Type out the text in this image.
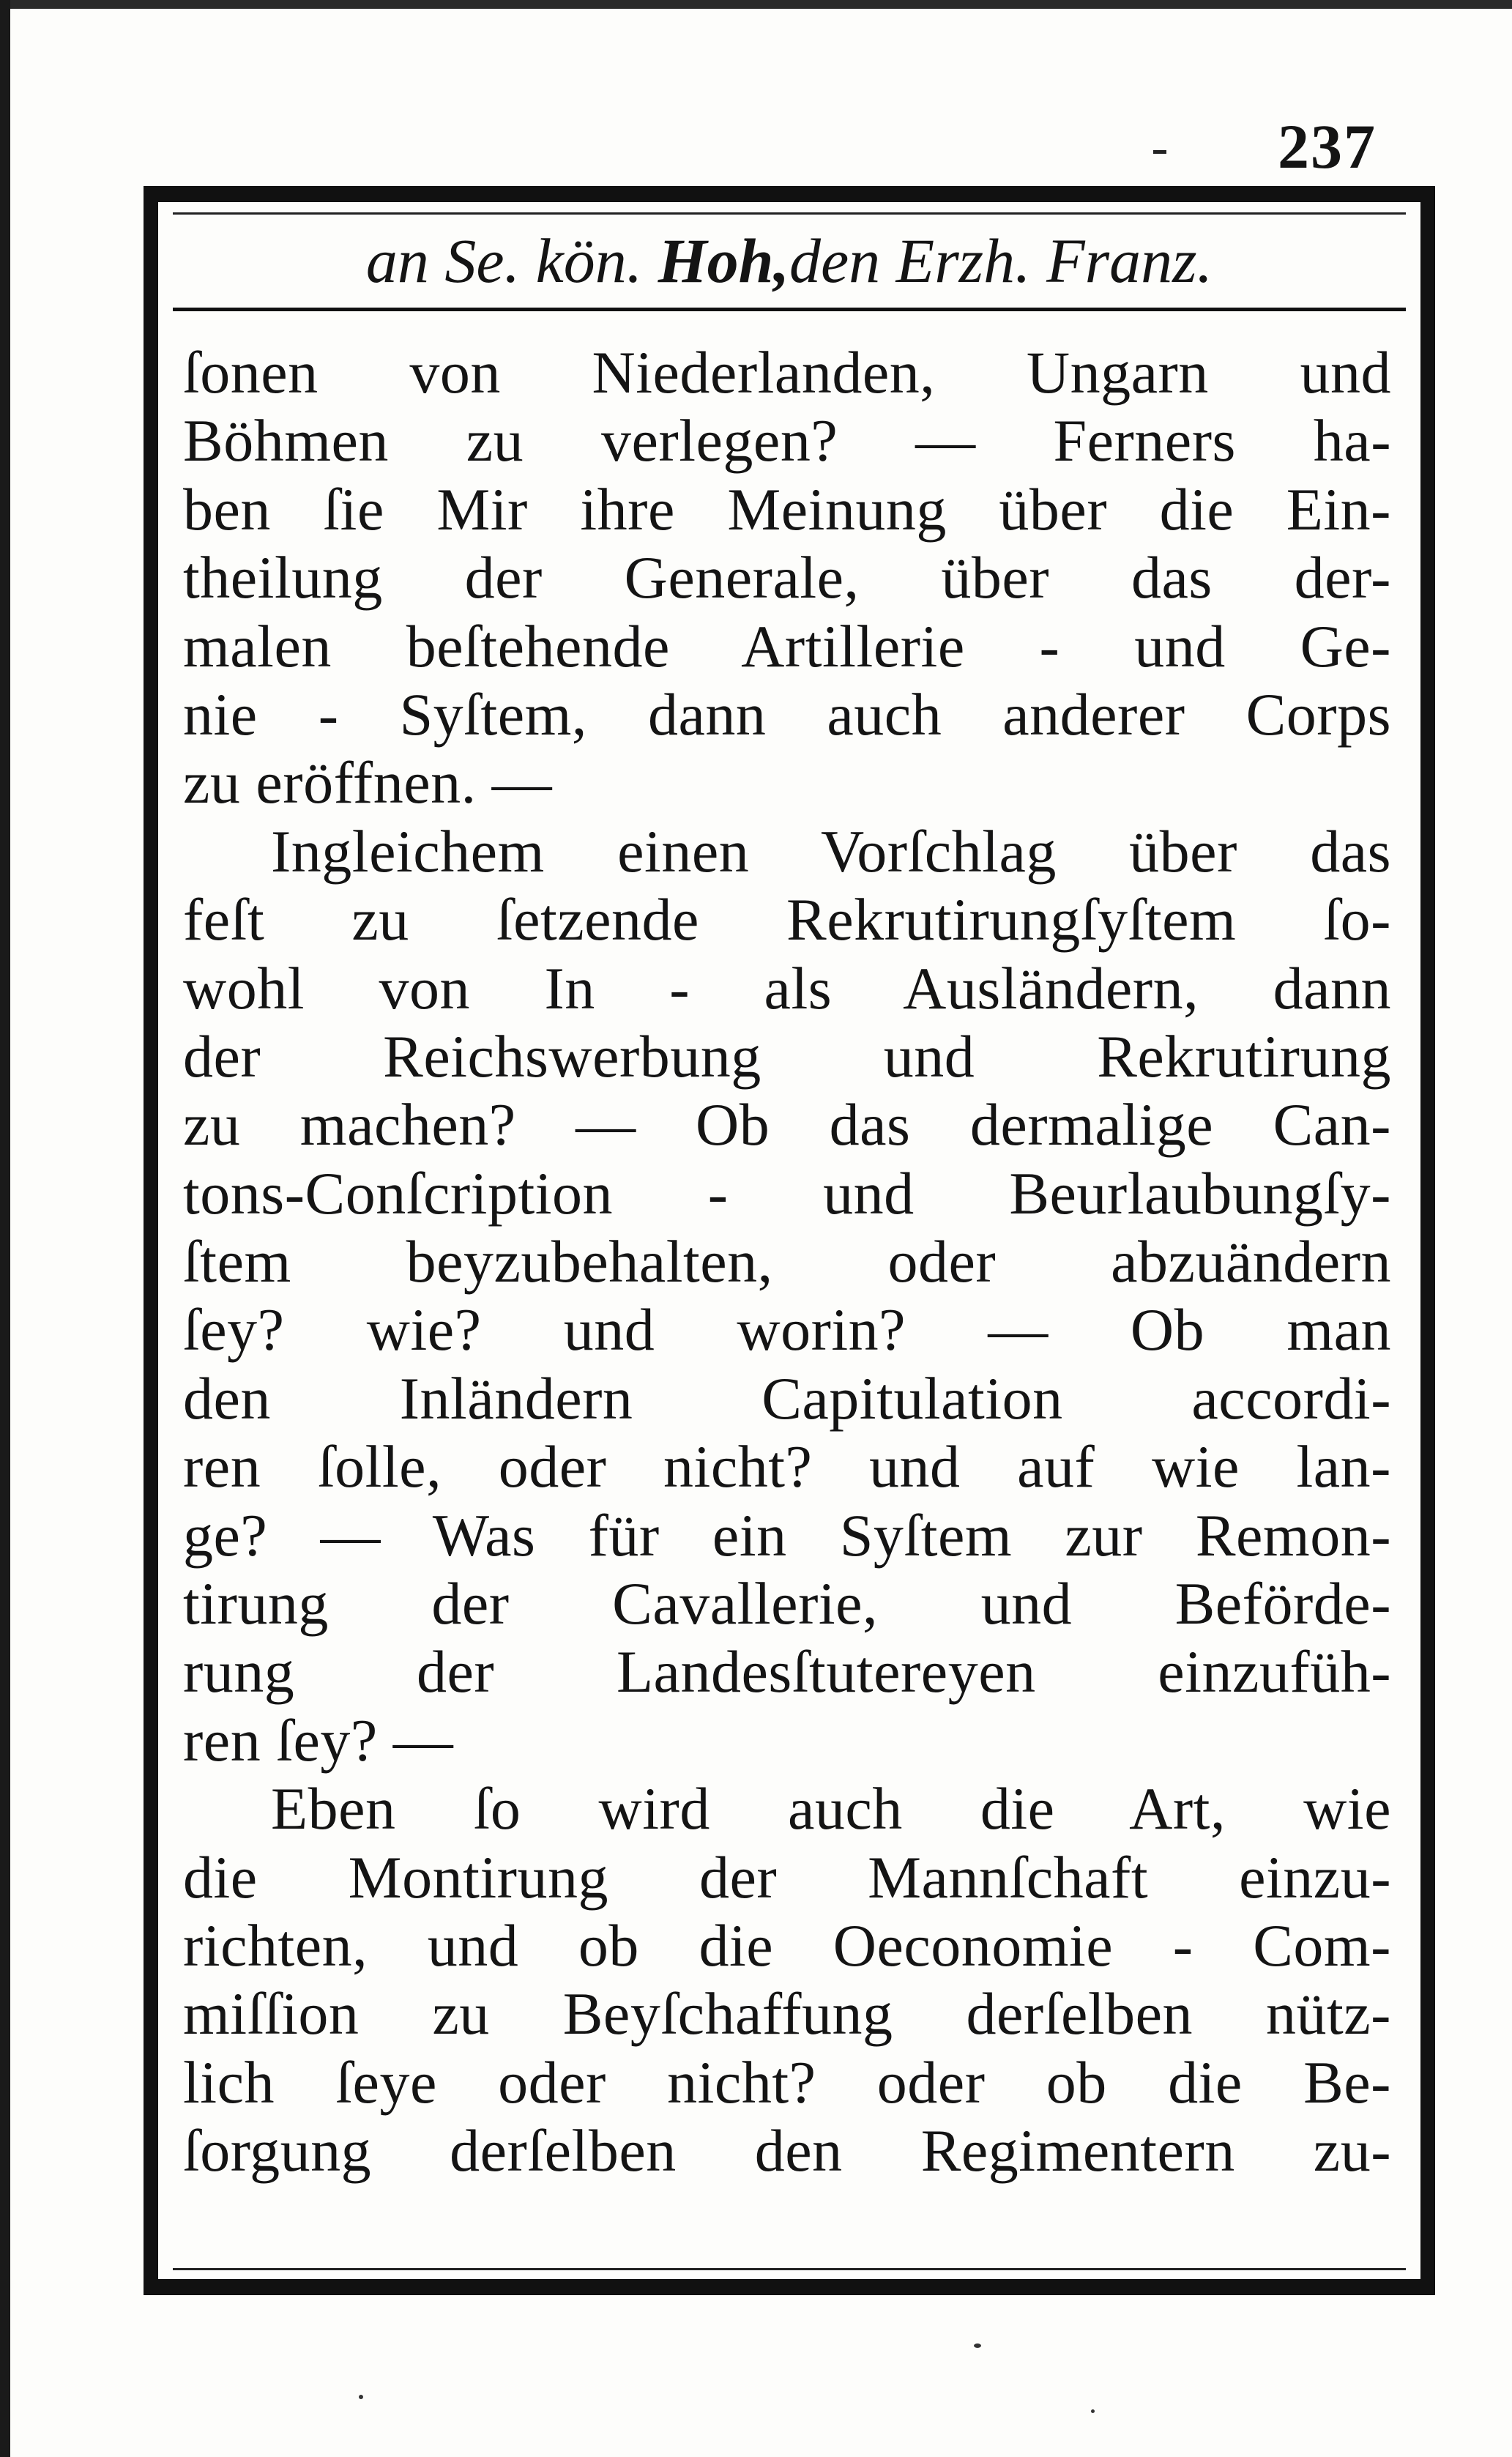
237
an Se. kön. Hoh,den Erzh. Franz.
ſonen von Niederlanden, Ungarn und
Böhmen zu verlegen? — Ferners ha-
ben ſie Mir ihre Meinung über die Ein-
theilung der Generale, über das der-
malen beſtehende Artillerie - und Ge-
nie - Syſtem, dann auch anderer Corps
zu eröffnen. —
Ingleichem einen Vorſchlag über das
feſt zu ſetzende Rekrutirungſyſtem ſo-
wohl von In - als Ausländern, dann
der Reichswerbung und Rekrutirung
zu machen? — Ob das dermalige Can-
tons-Conſcription - und Beurlaubungſy-
ſtem beyzubehalten, oder abzuändern
ſey? wie? und worin? — Ob man
den Inländern Capitulation accordi-
ren ſolle, oder nicht? und auf wie lan-
ge? — Was für ein Syſtem zur Remon-
tirung der Cavallerie, und Beförde-
rung der Landesſtutereyen einzufüh-
ren ſey? —
Eben ſo wird auch die Art, wie
die Montirung der Mannſchaft einzu-
richten, und ob die Oeconomie - Com-
miſſion zu Beyſchaffung derſelben nütz-
lich ſeye oder nicht? oder ob die Be-
ſorgung derſelben den Regimentern zu-
